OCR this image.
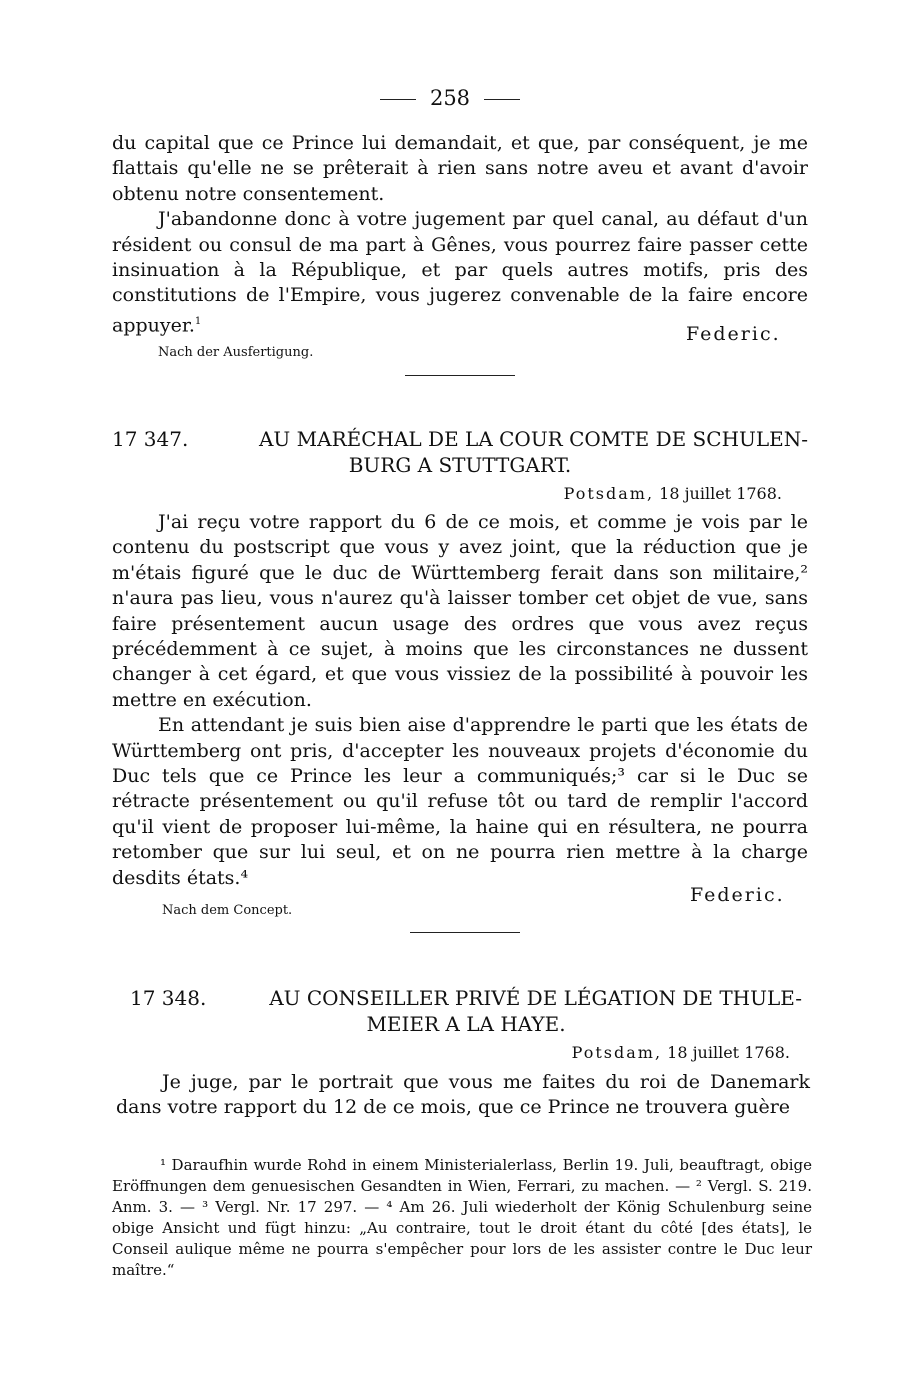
258

du capital que ce Prince lui demandait, et que, par conséquent, je me flattais qu'elle ne se prêterait à rien sans notre aveu et avant d'avoir obtenu notre consentement.

J'abandonne donc à votre jugement par quel canal, au défaut d'un résident ou consul de ma part à Gênes, vous pourrez faire passer cette insinuation à la République, et par quels autres motifs, pris des constitutions de l'Empire, vous jugerez convenable de la faire encore appuyer.$^1$

Federic.
Nach der Ausfertigung.
17 347.	AU MARÉCHAL DE LA COUR COMTE DE SCHULEN-
BURG A STUTTGART.
Potsdam, 18 juillet 1768.

J'ai reçu votre rapport du 6 de ce mois, et comme je vois par le contenu du postscript que vous y avez joint, que la réduction que je m'étais figuré que le duc de Württemberg ferait dans son militaire,² n'aura pas lieu, vous n'aurez qu'à laisser tomber cet objet de vue, sans faire présentement aucun usage des ordres que vous avez reçus précédemment à ce sujet, à moins que les circonstances ne dussent changer à cet égard, et que vous vissiez de la possibilité à pouvoir les mettre en exécution.

En attendant je suis bien aise d'apprendre le parti que les états de Württemberg ont pris, d'accepter les nouveaux projets d'économie du Duc tels que ce Prince les leur a communiqués;³ car si le Duc se rétracte présentement ou qu'il refuse tôt ou tard de remplir l'accord qu'il vient de proposer lui-même, la haine qui en résultera, ne pourra retomber que sur lui seul, et on ne pourra rien mettre à la charge desdits états.⁴

Federic.
Nach dem Concept.
17 348.	AU CONSEILLER PRIVÉ DE LÉGATION DE THULE-
MEIER A LA HAYE.
Potsdam, 18 juillet 1768.

Je juge, par le portrait que vous me faites du roi de Danemark dans votre rapport du 12 de ce mois, que ce Prince ne trouvera guère

¹ Daraufhin wurde Rohd in einem Ministerialerlass, Berlin 19. Juli, beauftragt, obige Eröffnungen dem genuesischen Gesandten in Wien, Ferrari, zu machen. — ² Vergl. S. 219. Anm. 3. — ³ Vergl. Nr. 17 297. — ⁴ Am 26. Juli wiederholt der König Schulenburg seine obige Ansicht und fügt hinzu: „Au contraire, tout le droit étant du côté [des états], le Conseil aulique même ne pourra s'empêcher pour lors de les assister contre le Duc leur maître.“
